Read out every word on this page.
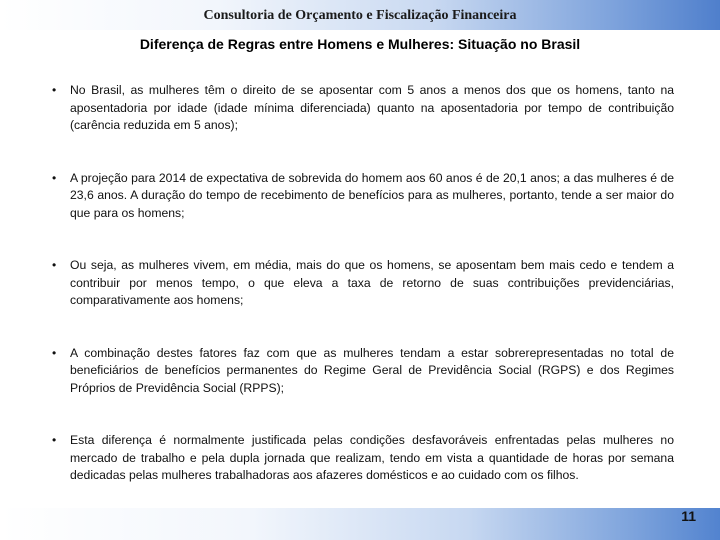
Consultoria de Orçamento e Fiscalização Financeira
Diferença de Regras entre Homens e Mulheres: Situação no Brasil
• No Brasil, as mulheres têm o direito de se aposentar com 5 anos a menos dos que os homens, tanto na aposentadoria por idade (idade mínima diferenciada) quanto na aposentadoria por tempo de contribuição (carência reduzida em 5 anos);
• A projeção para 2014 de expectativa de sobrevida do homem aos 60 anos é de 20,1 anos; a das mulheres é de 23,6 anos. A duração do tempo de recebimento de benefícios para as mulheres, portanto, tende a ser maior do que para os homens;
• Ou seja, as mulheres vivem, em média, mais do que os homens, se aposentam bem mais cedo e tendem a contribuir por menos tempo, o que eleva a taxa de retorno de suas contribuições previdenciárias, comparativamente aos homens;
• A combinação destes fatores faz com que as mulheres tendam a estar sobrerepresentadas no total de beneficiários de benefícios permanentes do Regime Geral de Previdência Social (RGPS) e dos Regimes Próprios de Previdência Social (RPPS);
• Esta diferença é normalmente justificada pelas condições desfavoráveis enfrentadas pelas mulheres no mercado de trabalho e pela dupla jornada que realizam, tendo em vista a quantidade de horas por semana dedicadas pelas mulheres trabalhadoras aos afazeres domésticos e ao cuidado com os filhos.
11
